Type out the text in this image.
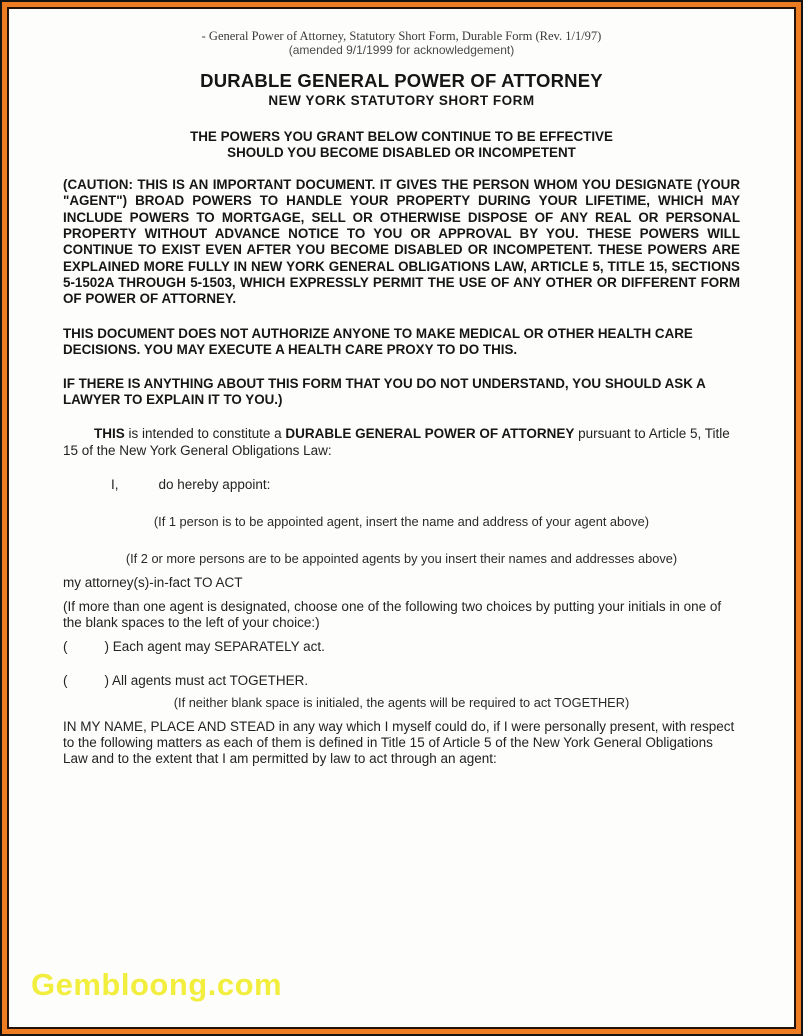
- General Power of Attorney, Statutory Short Form, Durable Form (Rev. 1/1/97)
(amended 9/1/1999 for acknowledgement)
DURABLE GENERAL POWER OF ATTORNEY
NEW YORK STATUTORY SHORT FORM
THE POWERS YOU GRANT BELOW CONTINUE TO BE EFFECTIVE
SHOULD YOU BECOME DISABLED OR INCOMPETENT
(CAUTION: THIS IS AN IMPORTANT DOCUMENT. IT GIVES THE PERSON WHOM YOU DESIGNATE (YOUR "AGENT") BROAD POWERS TO HANDLE YOUR PROPERTY DURING YOUR LIFETIME, WHICH MAY INCLUDE POWERS TO MORTGAGE, SELL OR OTHERWISE DISPOSE OF ANY REAL OR PERSONAL PROPERTY WITHOUT ADVANCE NOTICE TO YOU OR APPROVAL BY YOU. THESE POWERS WILL CONTINUE TO EXIST EVEN AFTER YOU BECOME DISABLED OR INCOMPETENT. THESE POWERS ARE EXPLAINED MORE FULLY IN NEW YORK GENERAL OBLIGATIONS LAW, ARTICLE 5, TITLE 15, SECTIONS 5-1502A THROUGH 5-1503, WHICH EXPRESSLY PERMIT THE USE OF ANY OTHER OR DIFFERENT FORM OF POWER OF ATTORNEY.
THIS DOCUMENT DOES NOT AUTHORIZE ANYONE TO MAKE MEDICAL OR OTHER HEALTH CARE DECISIONS. YOU MAY EXECUTE A HEALTH CARE PROXY TO DO THIS.
IF THERE IS ANYTHING ABOUT THIS FORM THAT YOU DO NOT UNDERSTAND, YOU SHOULD ASK A LAWYER TO EXPLAIN IT TO YOU.)
THIS is intended to constitute a DURABLE GENERAL POWER OF ATTORNEY pursuant to Article 5, Title 15 of the New York General Obligations Law:
I,	do hereby appoint:
(If 1 person is to be appointed agent, insert the name and address of your agent above)
(If 2 or more persons are to be appointed agents by you insert their names and addresses above)
my attorney(s)-in-fact TO ACT
(If more than one agent is designated, choose one of the following two choices by putting your initials in one of the blank spaces to the left of your choice:)
(	) Each agent may SEPARATELY act.
(	) All agents must act TOGETHER.
(If neither blank space is initialed, the agents will be required to act TOGETHER)
IN MY NAME, PLACE AND STEAD in any way which I myself could do, if I were personally present, with respect to the following matters as each of them is defined in Title 15 of Article 5 of the New York General Obligations Law and to the extent that I am permitted by law to act through an agent:
Gembloong.com
